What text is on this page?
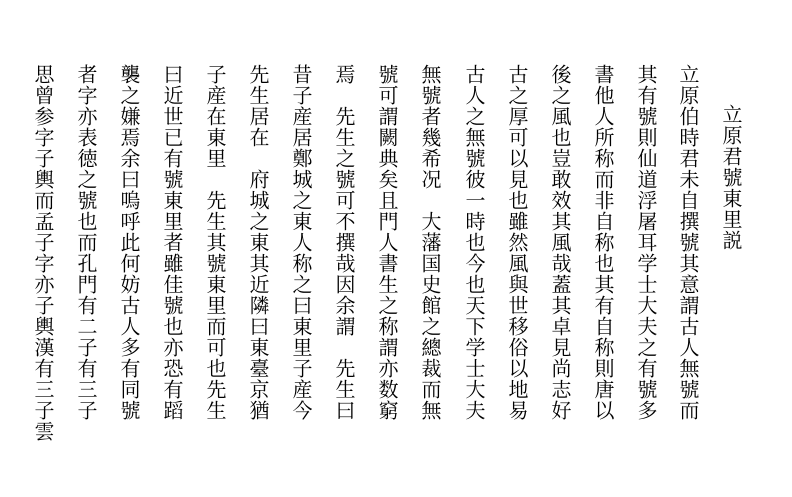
立原君號東里説
立原伯時君未自撰號其意謂古人無號而
其有號則仙道浮屠耳学士大夫之有號多
書他人所称而非自称也其有自称則唐以
後之風也豈敢效其風哉蓋其卓見尚志好
古之厚可以見也雖然風與世移俗以地易
古人之無號彼一時也今也天下学士大夫
無號者幾希况　大藩国史館之總裁而無
號可謂闕典矣且門人書生之称謂亦数窮
焉　先生之號可不撰哉因余謂　先生曰
昔子産居鄭城之東人称之曰東里子産今
先生居在　府城之東其近隣曰東臺京猶
子産在東里　先生其號東里而可也先生
曰近世已有號東里者雖佳號也亦恐有蹈
襲之嫌焉余曰嗚呼此何妨古人多有同號
者字亦表徳之號也而孔門有二子有三子
思曾参字子輿而孟子字亦子輿漢有三子雲
